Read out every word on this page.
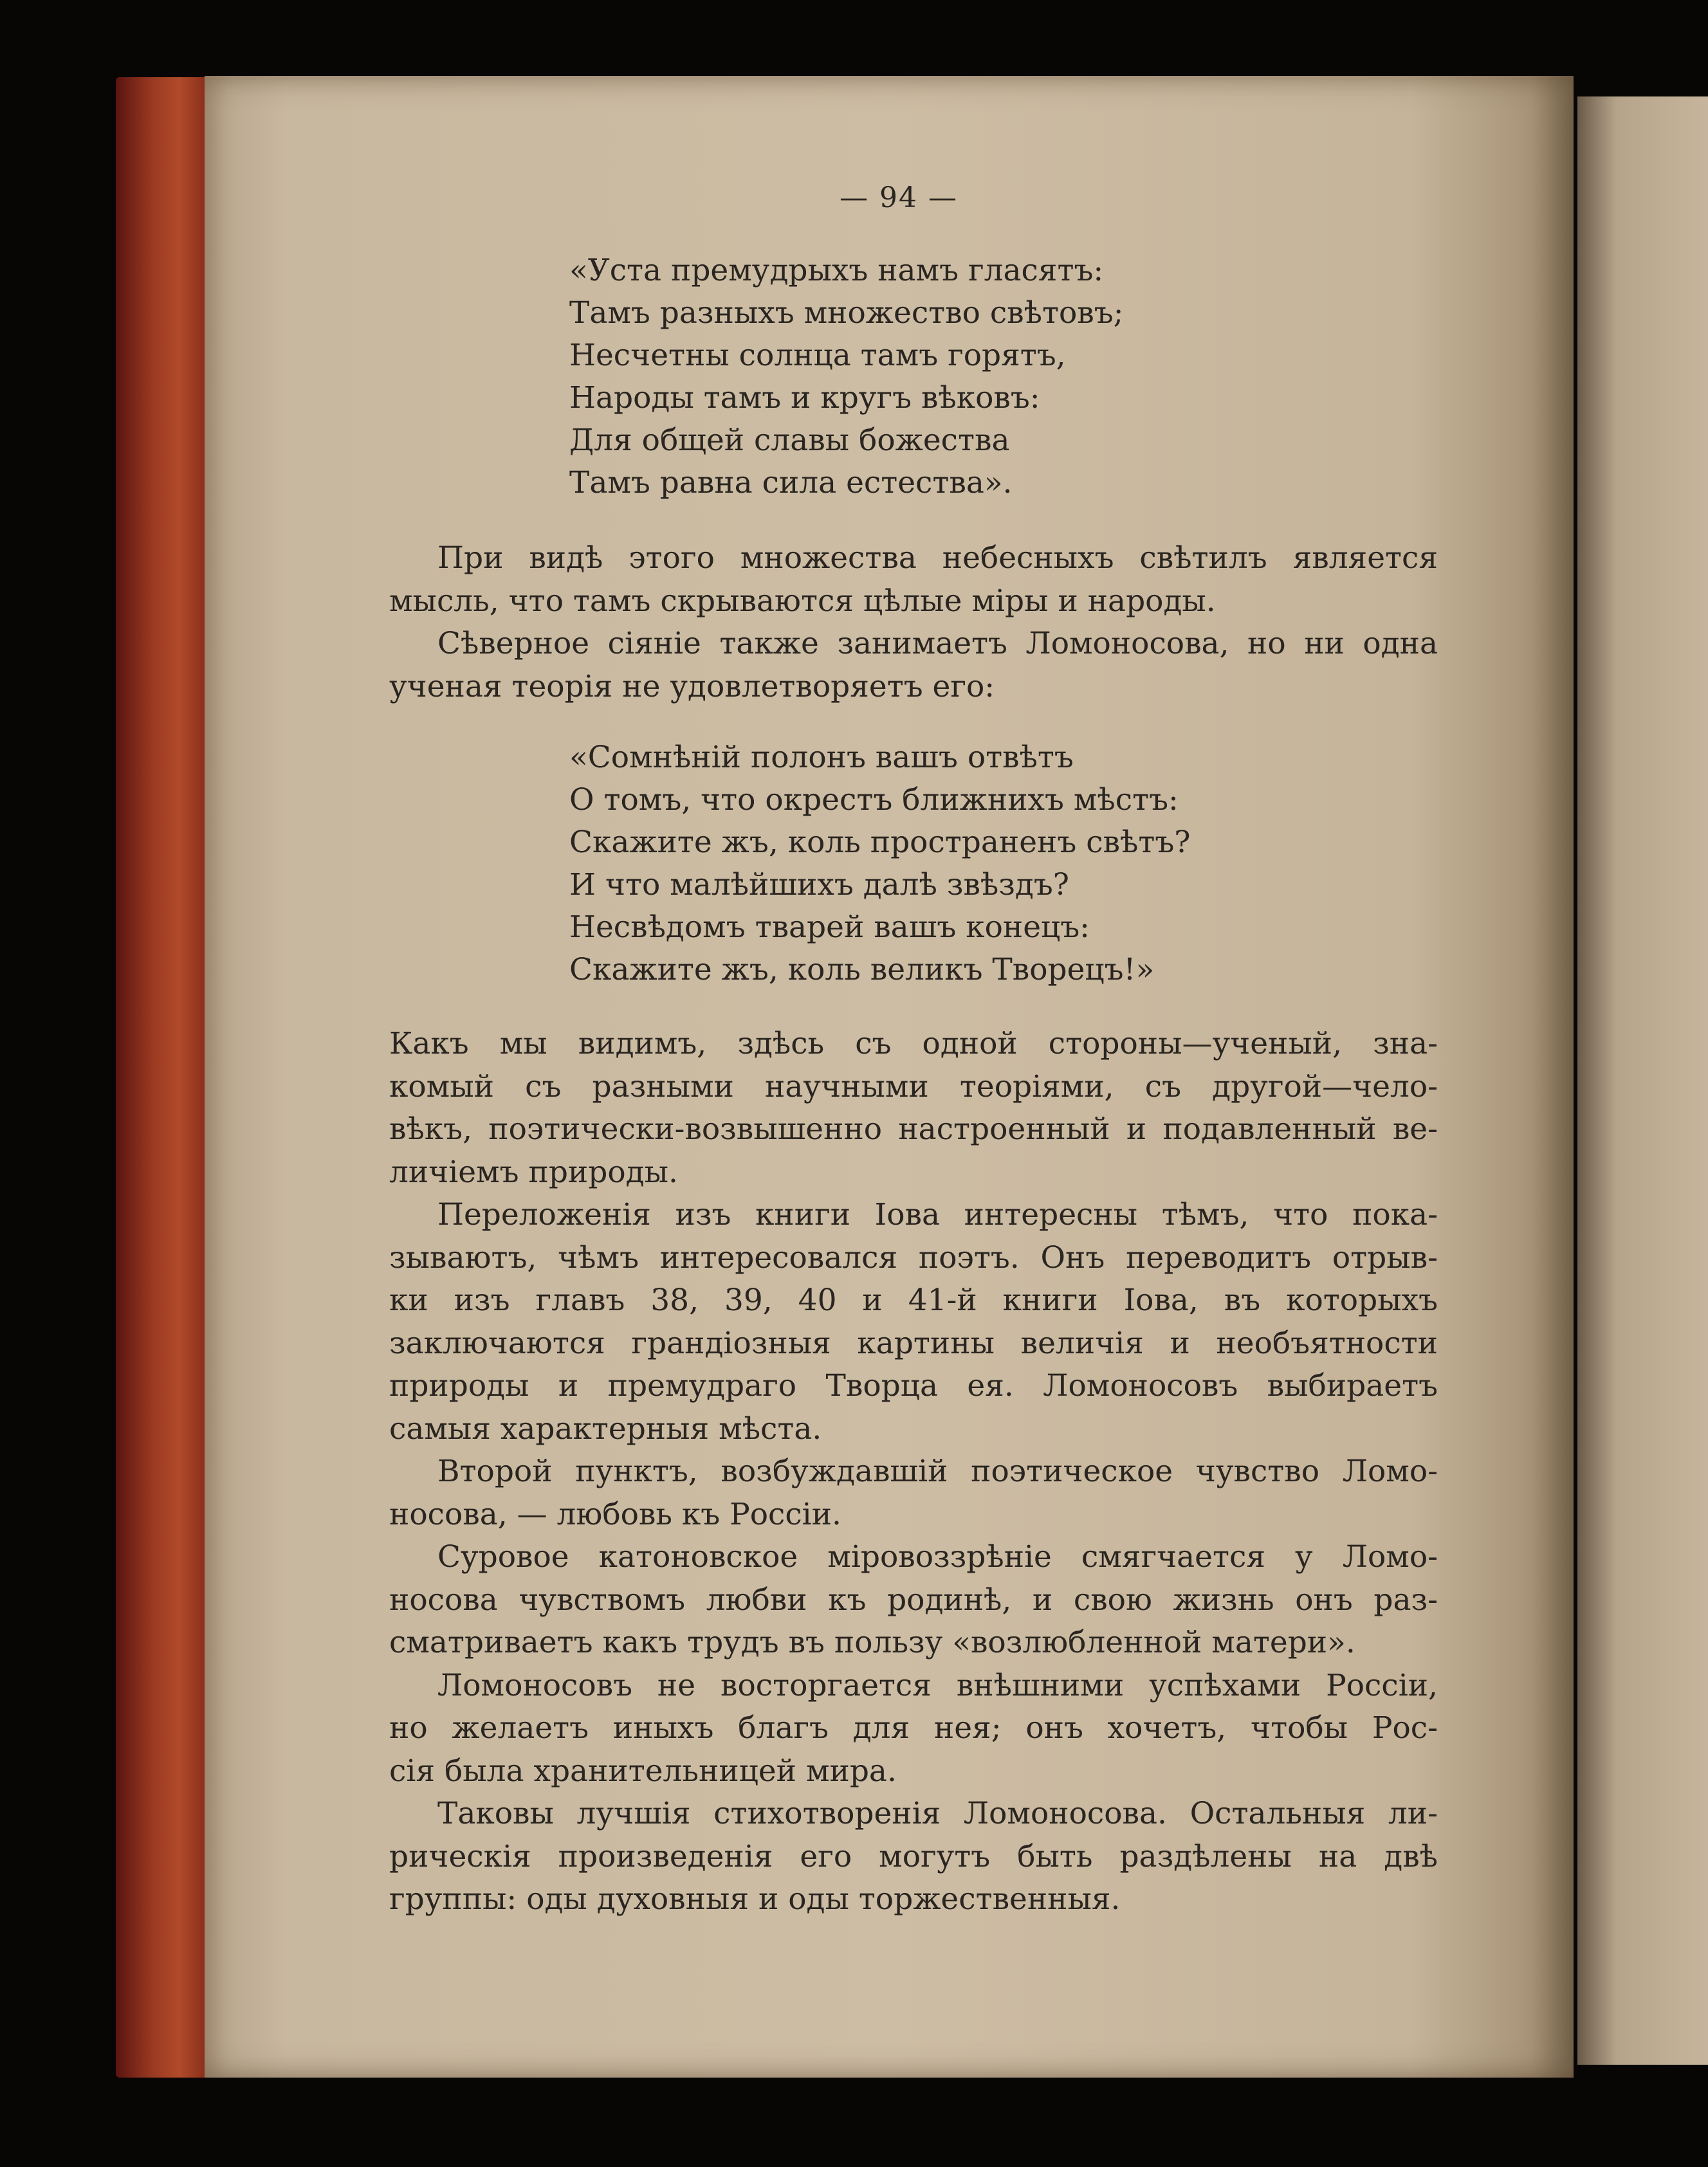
— 94 —
«Уста премудрыхъ намъ гласятъ:
Тамъ разныхъ множество свѣтовъ;
Несчетны солнца тамъ горятъ,
Народы тамъ и кругъ вѣковъ:
Для общей славы божества
Тамъ равна сила естества».
При видѣ этого множества небесныхъ свѣтилъ является
мысль, что тамъ скрываются цѣлые міры и народы.
Сѣверное сіяніе также занимаетъ Ломоносова, но ни одна
ученая теорія не удовлетворяетъ его:
«Сомнѣній полонъ вашъ отвѣтъ
О томъ, что окрестъ ближнихъ мѣстъ:
Скажите жъ, коль пространенъ свѣтъ?
И что малѣйшихъ далѣ звѣздъ?
Несвѣдомъ тварей вашъ конецъ:
Скажите жъ, коль великъ Творецъ!»
Какъ мы видимъ, здѣсь съ одной стороны—ученый, зна-
комый съ разными научными теоріями, съ другой—чело-
вѣкъ, поэтически-возвышенно настроенный и подавленный ве-
личіемъ природы.
Переложенія изъ книги Іова интересны тѣмъ, что пока-
зываютъ, чѣмъ интересовался поэтъ. Онъ переводитъ отрыв-
ки изъ главъ 38, 39, 40 и 41-й книги Іова, въ которыхъ
заключаются грандіозныя картины величія и необъятности
природы и премудраго Творца ея. Ломоносовъ выбираетъ
самыя характерныя мѣста.
Второй пунктъ, возбуждавшій поэтическое чувство Ломо-
носова, — любовь къ Россіи.
Суровое катоновское міровоззрѣніе смягчается у Ломо-
носова чувствомъ любви къ родинѣ, и свою жизнь онъ раз-
сматриваетъ какъ трудъ въ пользу «возлюбленной матери».
Ломоносовъ не восторгается внѣшними успѣхами Россіи,
но желаетъ иныхъ благъ для нея; онъ хочетъ, чтобы Рос-
сія была хранительницей мира.
Таковы лучшія стихотворенія Ломоносова. Остальныя ли-
рическія произведенія его могутъ быть раздѣлены на двѣ
группы: оды духовныя и оды торжественныя.
